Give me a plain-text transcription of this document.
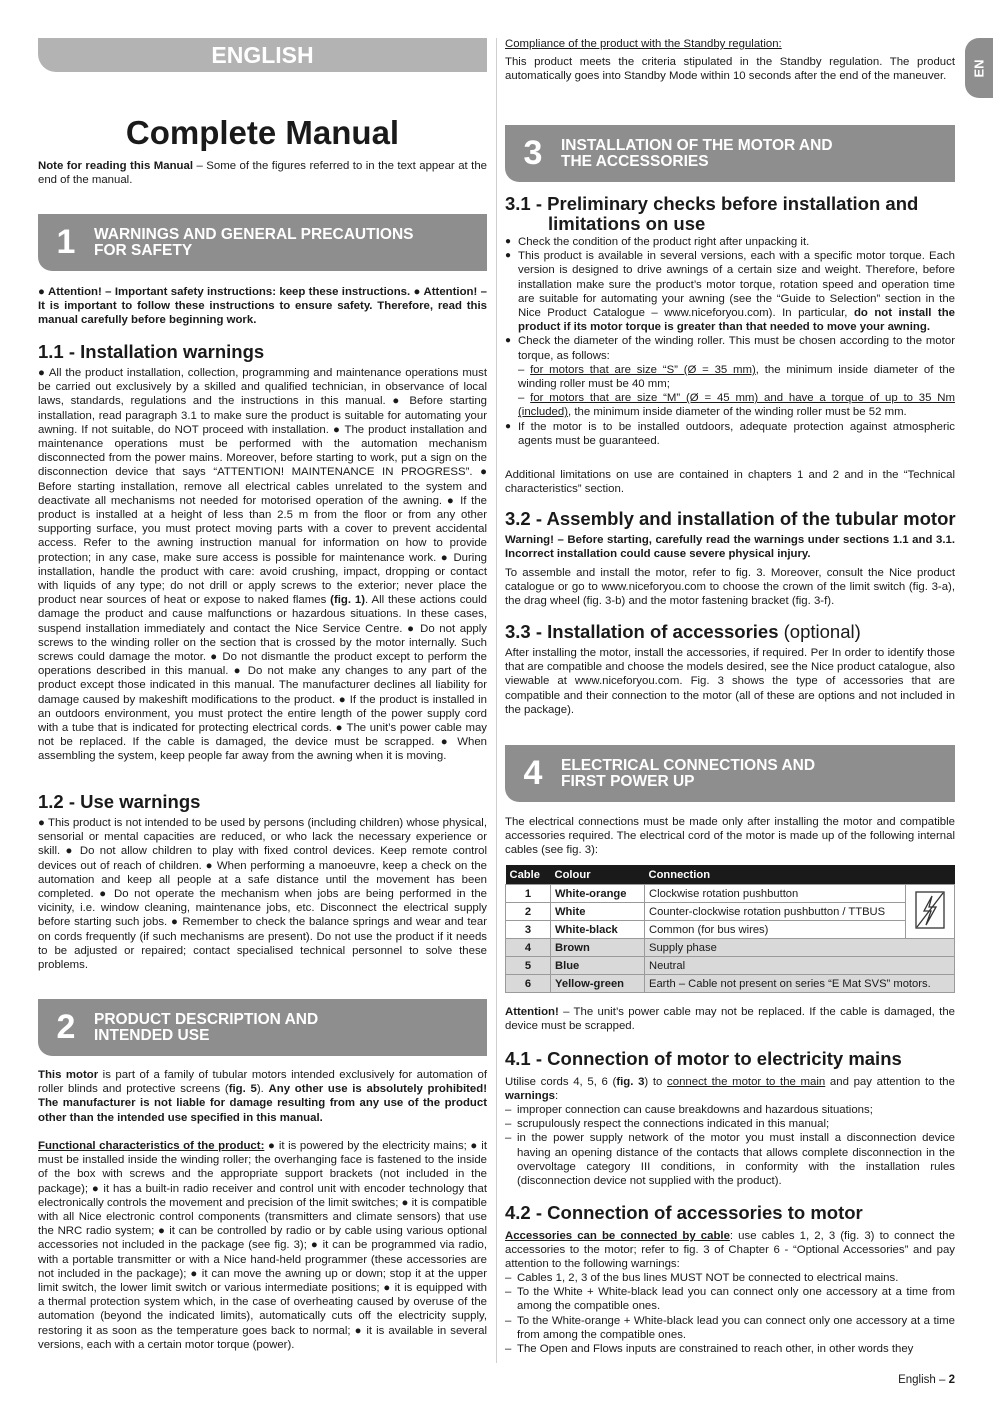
ENGLISH
EN
Complete Manual

Note for reading this Manual – Some of the figures referred to in the text appear at the end of the manual.

1	WARNINGS AND GENERAL PRECAUTIONS
FOR SAFETY

● Attention! – Important safety instructions: keep these instructions. ● Attention! – It is important to follow these instructions to ensure safety. Therefore, read this manual carefully before beginning work.

1.1 - Installation warnings

● All the product installation, collection, programming and maintenance operations must be carried out exclusively by a skilled and qualified technician, in observance of local laws, standards, regulations and the instructions in this manual. ● Before starting installation, read paragraph 3.1 to make sure the product is suitable for automating your awning. If not suitable, do NOT proceed with installation. ● The product installation and maintenance operations must be performed with the automation mechanism disconnected from the power mains. Moreover, before starting to work, put a sign on the disconnection device that says “ATTENTION! MAINTENANCE IN PROGRESS”. ● Before starting installation, remove all electrical cables unrelated to the system and deactivate all mechanisms not needed for motorised operation of the awning. ● If the product is installed at a height of less than 2.5 m from the floor or from any other supporting surface, you must protect moving parts with a cover to prevent accidental access. Refer to the awning instruction manual for information on how to provide protection; in any case, make sure access is possible for maintenance work. ● During installation, handle the product with care: avoid crushing, impact, dropping or contact with liquids of any type; do not drill or apply screws to the exterior; never place the product near sources of heat or expose to naked flames (fig. 1). All these actions could damage the product and cause malfunctions or hazardous situations. In these cases, suspend installation immediately and contact the Nice Service Centre. ● Do not apply screws to the winding roller on the section that is crossed by the motor internally. Such screws could damage the motor. ● Do not dismantle the product except to perform the operations described in this manual. ● Do not make any changes to any part of the product except those indicated in this manual. The manufacturer declines all liability for damage caused by makeshift modifications to the product. ● If the product is installed in an outdoors environment, you must protect the entire length of the power supply cord with a tube that is indicated for protecting electrical cords. ● The unit’s power cable may not be replaced. If the cable is damaged, the device must be scrapped. ● When assembling the system, keep people far away from the awning when it is moving.

1.2 - Use warnings

● This product is not intended to be used by persons (including children) whose physical, sensorial or mental capacities are reduced, or who lack the necessary experience or skill. ● Do not allow children to play with fixed control devices. Keep remote control devices out of reach of children. ● When performing a manoeuvre, keep a check on the automation and keep all people at a safe distance until the movement has been completed. ● Do not operate the mechanism when jobs are being performed in the vicinity, i.e. window cleaning, maintenance jobs, etc. Disconnect the electrical supply before starting such jobs. ● Remember to check the balance springs and wear and tear on cords frequently (if such mechanisms are present). Do not use the product if it needs to be adjusted or repaired; contact specialised technical personnel to solve these problems.

2	PRODUCT DESCRIPTION AND
INTENDED USE

This motor is part of a family of tubular motors intended exclusively for automation of roller blinds and protective screens (fig. 5). Any other use is absolutely prohibited! The manufacturer is not liable for damage resulting from any use of the product other than the intended use specified in this manual.

Functional characteristics of the product: ● it is powered by the electricity mains; ● it must be installed inside the winding roller; the overhanging face is fastened to the inside of the box with screws and the appropriate support brackets (not included in the package); ● it has a built-in radio receiver and control unit with encoder technology that electronically controls the movement and precision of the limit switches; ● it is compatible with all Nice electronic control components (transmitters and climate sensors) that use the NRC radio system; ● it can be controlled by radio or by cable using various optional accessories not included in the package (see fig. 3); ● it can be programmed via radio, with a portable transmitter or with a Nice hand-held programmer (these accessories are not included in the package); ● it can move the awning up or down; stop it at the upper limit switch, the lower limit switch or various intermediate positions; ● it is equipped with a thermal protection system which, in the case of overheating caused by overuse of the automation (beyond the indicated limits), automatically cuts off the electricity supply, restoring it as soon as the temperature goes back to normal; ● it is available in several versions, each with a certain motor torque (power).

Compliance of the product with the Standby regulation:

This product meets the criteria stipulated in the Standby regulation. The product automatically goes into Standby Mode within 10 seconds after the end of the maneuver.

3	INSTALLATION OF THE MOTOR AND
THE ACCESSORIES
3.1 - Preliminary checks before installation and
limitations on use
● Check the condition of the product right after unpacking it.
● This product is available in several versions, each with a specific motor torque. Each version is designed to drive awnings of a certain size and weight. Therefore, before installation make sure the product’s motor torque, rotation speed and operation time are suitable for automating your awning (see the “Guide to Selection” section in the Nice Product Catalogue – www.niceforyou.com). In particular, do not install the product if its motor torque is greater than that needed to move your awning.
● Check the diameter of the winding roller. This must be chosen according to the motor torque, as follows:
– for motors that are size “S” (Ø = 35 mm), the minimum inside diameter of the winding roller must be 40 mm;
– for motors that are size “M” (Ø = 45 mm) and have a torque of up to 35 Nm (included), the minimum inside diameter of the winding roller must be 52 mm.
● If the motor is to be installed outdoors, adequate protection against atmospheric agents must be guaranteed.

Additional limitations on use are contained in chapters 1 and 2 and in the “Technical characteristics” section.

3.2 - Assembly and installation of the tubular motor

Warning! – Before starting, carefully read the warnings under sections 1.1 and 3.1. Incorrect installation could cause severe physical injury.

To assemble and install the motor, refer to fig. 3. Moreover, consult the Nice product catalogue or go to www.niceforyou.com to choose the crown of the limit switch (fig. 3-a), the drag wheel (fig. 3-b) and the motor fastening bracket (fig. 3-f).

3.3 - Installation of accessories (optional)

After installing the motor, install the accessories, if required. Per In order to identify those that are compatible and choose the models desired, see the Nice product catalogue, also viewable at www.niceforyou.com. Fig. 3 shows the type of accessories that are compatible and their connection to the motor (all of these are options and not included in the package).

4	ELECTRICAL CONNECTIONS AND
FIRST POWER UP

The electrical connections must be made only after installing the motor and compatible accessories required. The electrical cord of the motor is made up of the following internal cables (see fig. 3):

Cable	Colour	Connection	
1	White-orange	Clockwise rotation pushbutton	
2	White	Counter-clockwise rotation pushbutton / TTBUS	
3	White-black	Common (for bus wires)	
4	Brown	Supply phase	
5	Blue	Neutral	
6	Yellow-green	Earth – Cable not present on series “E Mat SVS” motors.	

Attention! – The unit’s power cable may not be replaced. If the cable is damaged, the device must be scrapped.

4.1 - Connection of motor to electricity mains

Utilise cords 4, 5, 6 (fig. 3) to connect the motor to the main and pay attention to the warnings:

– improper connection can cause breakdowns and hazardous situations;
– scrupulously respect the connections indicated in this manual;
– in the power supply network of the motor you must install a disconnection device having an opening distance of the contacts that allows complete disconnection in the overvoltage category III conditions, in conformity with the installation rules (disconnection device not supplied with the product).
4.2 - Connection of accessories to motor

Accessories can be connected by cable: use cables 1, 2, 3 (fig. 3) to connect the accessories to the motor; refer to fig. 3 of Chapter 6 - “Optional Accessories” and pay attention to the following warnings:

– Cables 1, 2, 3 of the bus lines MUST NOT be connected to electrical mains.
– To the White + White-black lead you can connect only one accessory at a time from among the compatible ones.
– To the White-orange + White-black lead you can connect only one accessory at a time from among the compatible ones.
– The Open and Flows inputs are constrained to reach other, in other words they
English – 2
